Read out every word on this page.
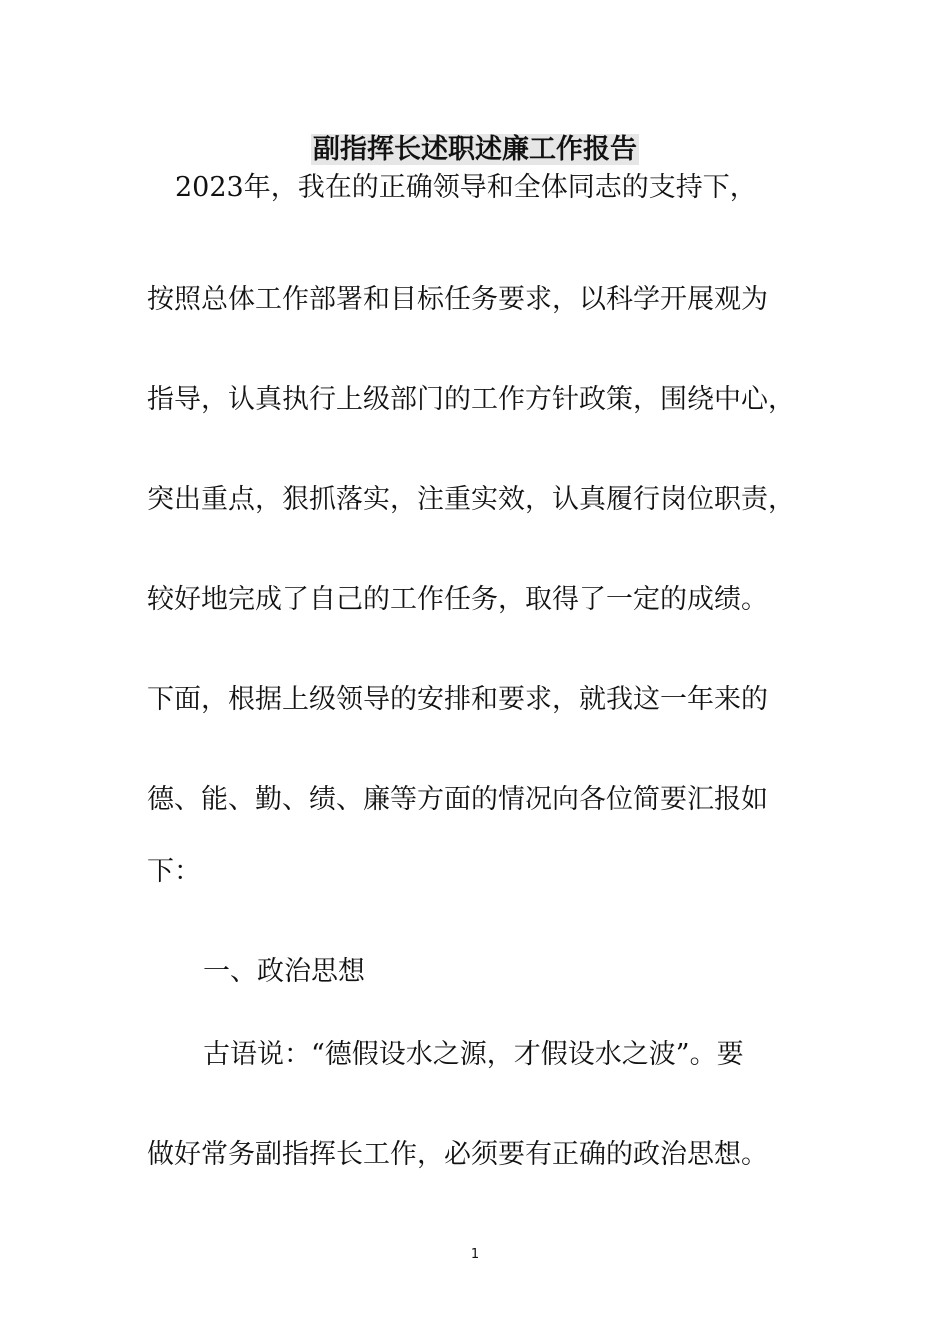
副指挥长述职述廉工作报告
2023年，我在的正确领导和全体同志的支持下，
按照总体工作部署和目标任务要求，以科学开展观为
指导，认真执行上级部门的工作方针政策，围绕中心，
突出重点，狠抓落实，注重实效，认真履行岗位职责，
较好地完成了自己的工作任务，取得了一定的成绩。
下面，根据上级领导的安排和要求，就我这一年来的
德、能、勤、绩、廉等方面的情况向各位简要汇报如
下：
一、政治思想
古语说：“德假设水之源，才假设水之波”。要
做好常务副指挥长工作，必须要有正确的政治思想。
1
